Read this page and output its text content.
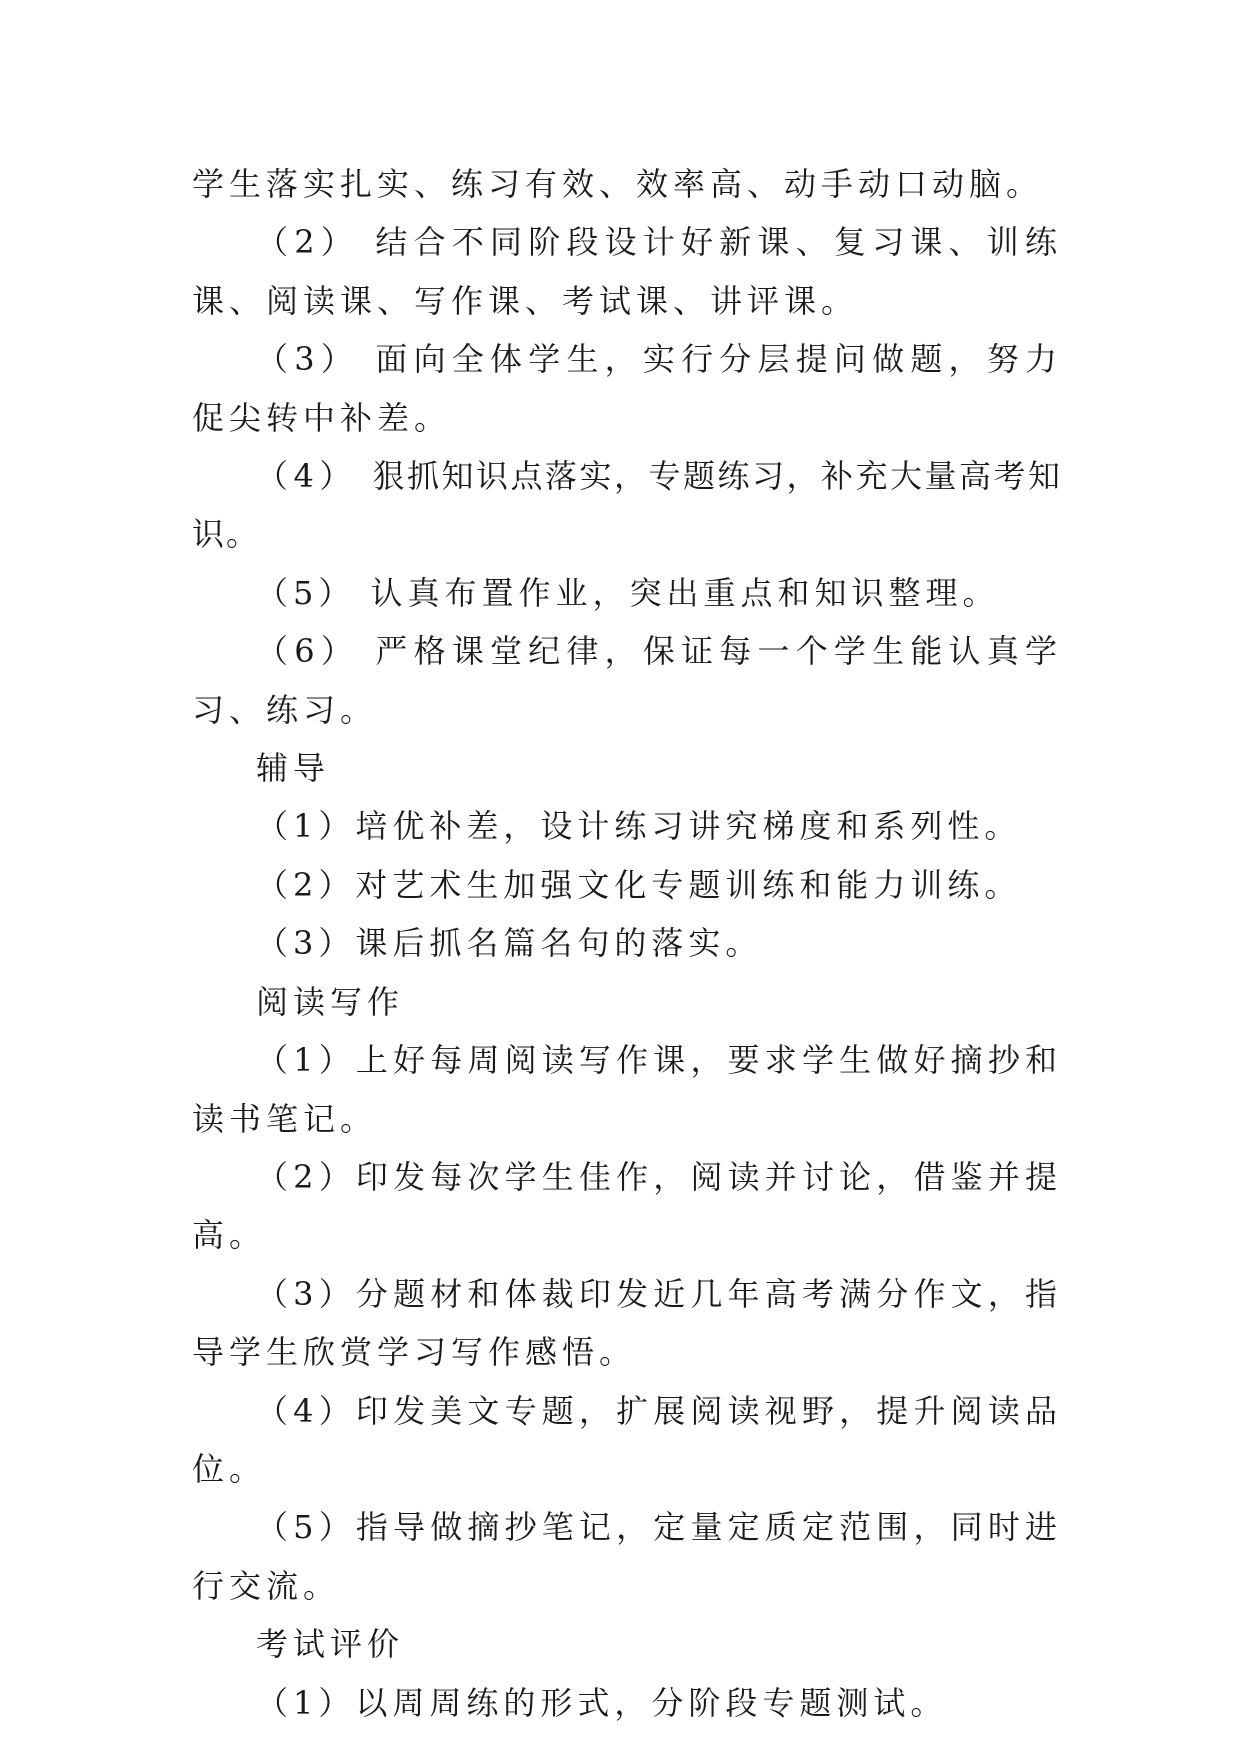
学生落实扎实、练习有效、效率高、动手动口动脑。

（2） 结合不同阶段设计好新课、复习课、训练课、阅读课、写作课、考试课、讲评课。

（3） 面向全体学生，实行分层提问做题，努力促尖转中补差。

（4） 狠抓知识点落实，专题练习，补充大量高考知识。

（5） 认真布置作业，突出重点和知识整理。

（6） 严格课堂纪律，保证每一个学生能认真学习、练习。

辅导

（1）培优补差，设计练习讲究梯度和系列性。

（2）对艺术生加强文化专题训练和能力训练。

（3）课后抓名篇名句的落实。

阅读写作

（1）上好每周阅读写作课，要求学生做好摘抄和读书笔记。

（2）印发每次学生佳作，阅读并讨论，借鉴并提高。

（3）分题材和体裁印发近几年高考满分作文，指导学生欣赏学习写作感悟。

（4）印发美文专题，扩展阅读视野，提升阅读品位。

（5）指导做摘抄笔记，定量定质定范围，同时进行交流。

考试评价

（1）以周周练的形式，分阶段专题测试。
